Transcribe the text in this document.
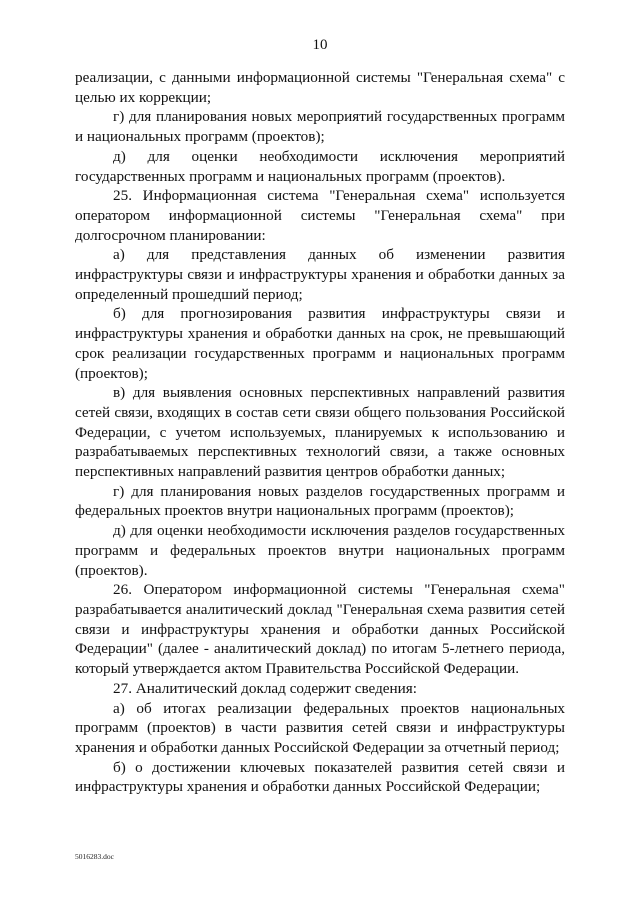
10

реализации, с данными информационной системы "Генеральная схема" с целью их коррекции;

г) для планирования новых мероприятий государственных программ и национальных программ (проектов);

д) для оценки необходимости исключения мероприятий государственных программ и национальных программ (проектов).

25. Информационная система "Генеральная схема" используется оператором информационной системы "Генеральная схема" при долгосрочном планировании:

а) для представления данных об изменении развития инфраструктуры связи и инфраструктуры хранения и обработки данных за определенный прошедший период;

б) для прогнозирования развития инфраструктуры связи и инфраструктуры хранения и обработки данных на срок, не превышающий срок реализации государственных программ и национальных программ (проектов);

в) для выявления основных перспективных направлений развития сетей связи, входящих в состав сети связи общего пользования Российской Федерации, с учетом используемых, планируемых к использованию и разрабатываемых перспективных технологий связи, а также основных перспективных направлений развития центров обработки данных;

г) для планирования новых разделов государственных программ и федеральных проектов внутри национальных программ (проектов);

д) для оценки необходимости исключения разделов государственных программ и федеральных проектов внутри национальных программ (проектов).

26. Оператором информационной системы "Генеральная схема" разрабатывается аналитический доклад "Генеральная схема развития сетей связи и инфраструктуры хранения и обработки данных Российской Федерации" (далее - аналитический доклад) по итогам 5-летнего периода, который утверждается актом Правительства Российской Федерации.

27. Аналитический доклад содержит сведения:

а) об итогах реализации федеральных проектов национальных программ (проектов) в части развития сетей связи и инфраструктуры хранения и обработки данных Российской Федерации за отчетный период;

б) о достижении ключевых показателей развития сетей связи и инфраструктуры хранения и обработки данных Российской Федерации;

5016283.doc
